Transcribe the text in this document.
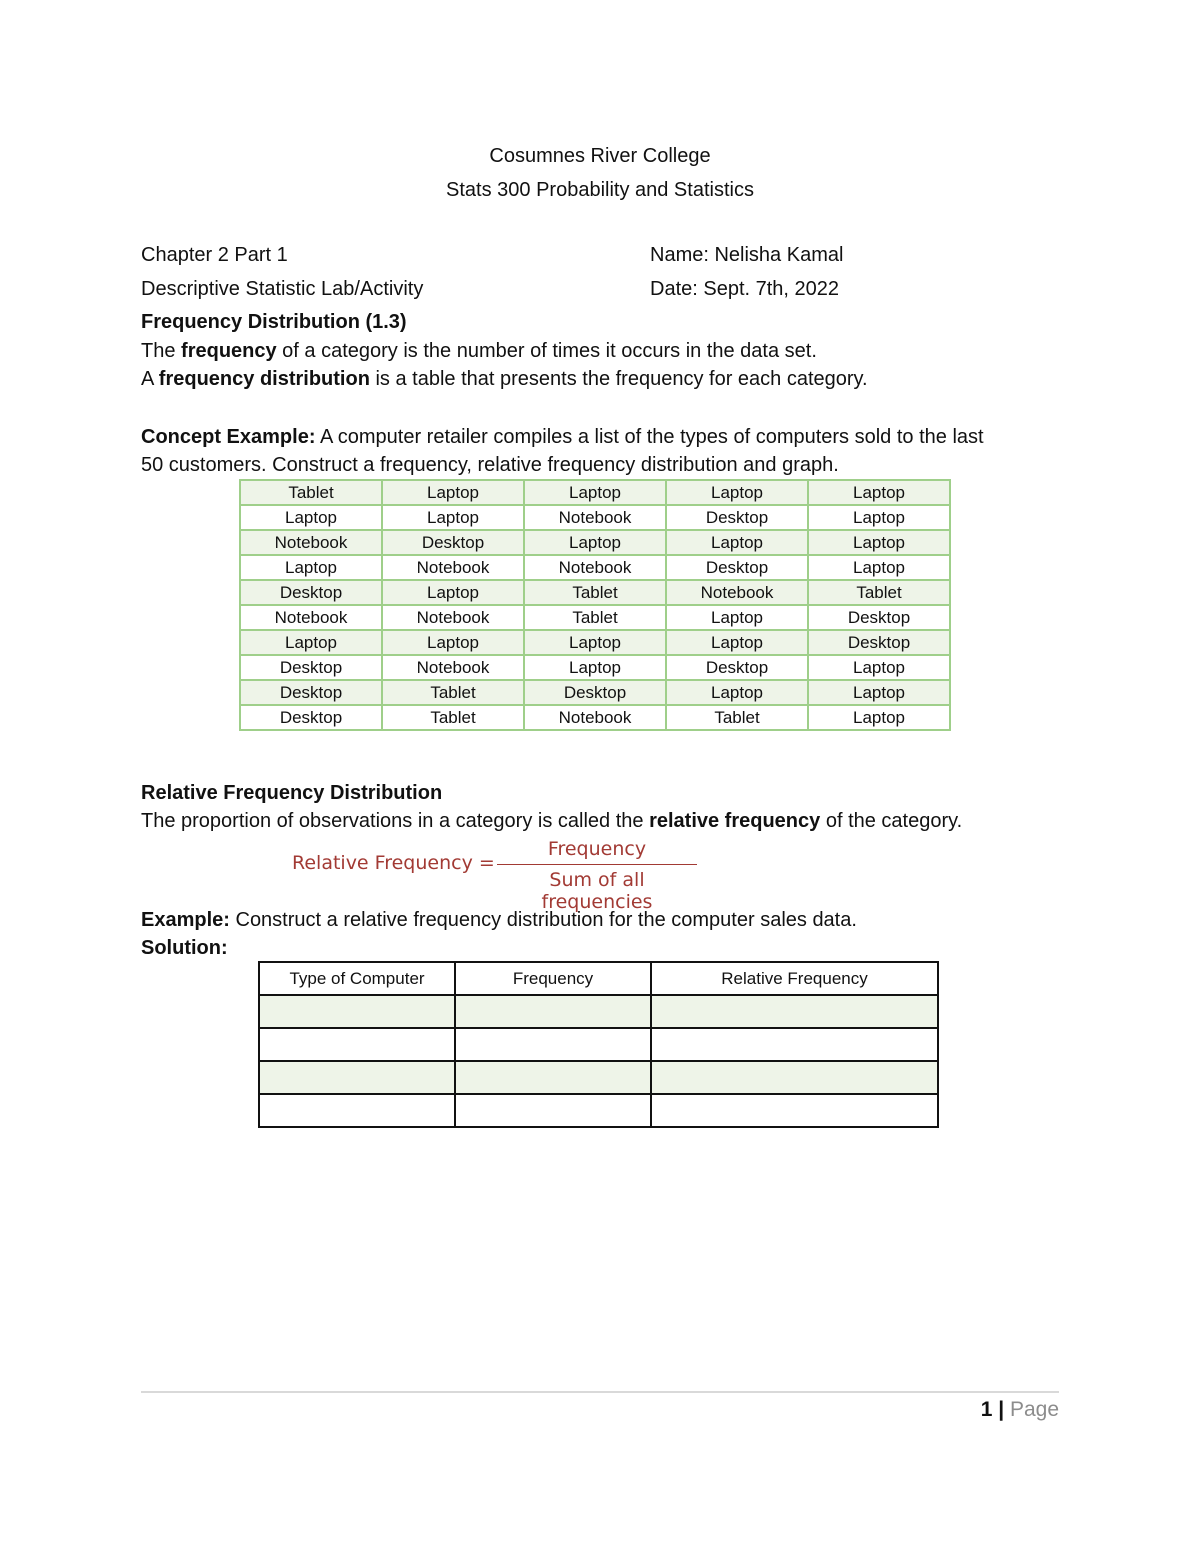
Cosumnes River College
Stats 300 Probability and Statistics
Chapter 2 Part 1	Name: Nelisha Kamal
Descriptive Statistic Lab/Activity	Date: Sept. 7th, 2022
Frequency Distribution (1.3)
The frequency of a category is the number of times it occurs in the data set.
A frequency distribution is a table that presents the frequency for each category.
Concept Example: A computer retailer compiles a list of the types of computers sold to the last
50 customers. Construct a frequency, relative frequency distribution and graph.
Tablet	Laptop	Laptop	Laptop	Laptop
Laptop	Laptop	Notebook	Desktop	Laptop
Notebook	Desktop	Laptop	Laptop	Laptop
Laptop	Notebook	Notebook	Desktop	Laptop
Desktop	Laptop	Tablet	Notebook	Tablet
Notebook	Notebook	Tablet	Laptop	Desktop
Laptop	Laptop	Laptop	Laptop	Desktop
Desktop	Notebook	Laptop	Desktop	Laptop
Desktop	Tablet	Desktop	Laptop	Laptop
Desktop	Tablet	Notebook	Tablet	Laptop
Relative Frequency Distribution
The proportion of observations in a category is called the relative frequency of the category.
Relative Frequency =
Frequency
Sum of all frequencies
Example: Construct a relative frequency distribution for the computer sales data.
Solution:
Type of Computer	Frequency	Relative Frequency

1 | Page
